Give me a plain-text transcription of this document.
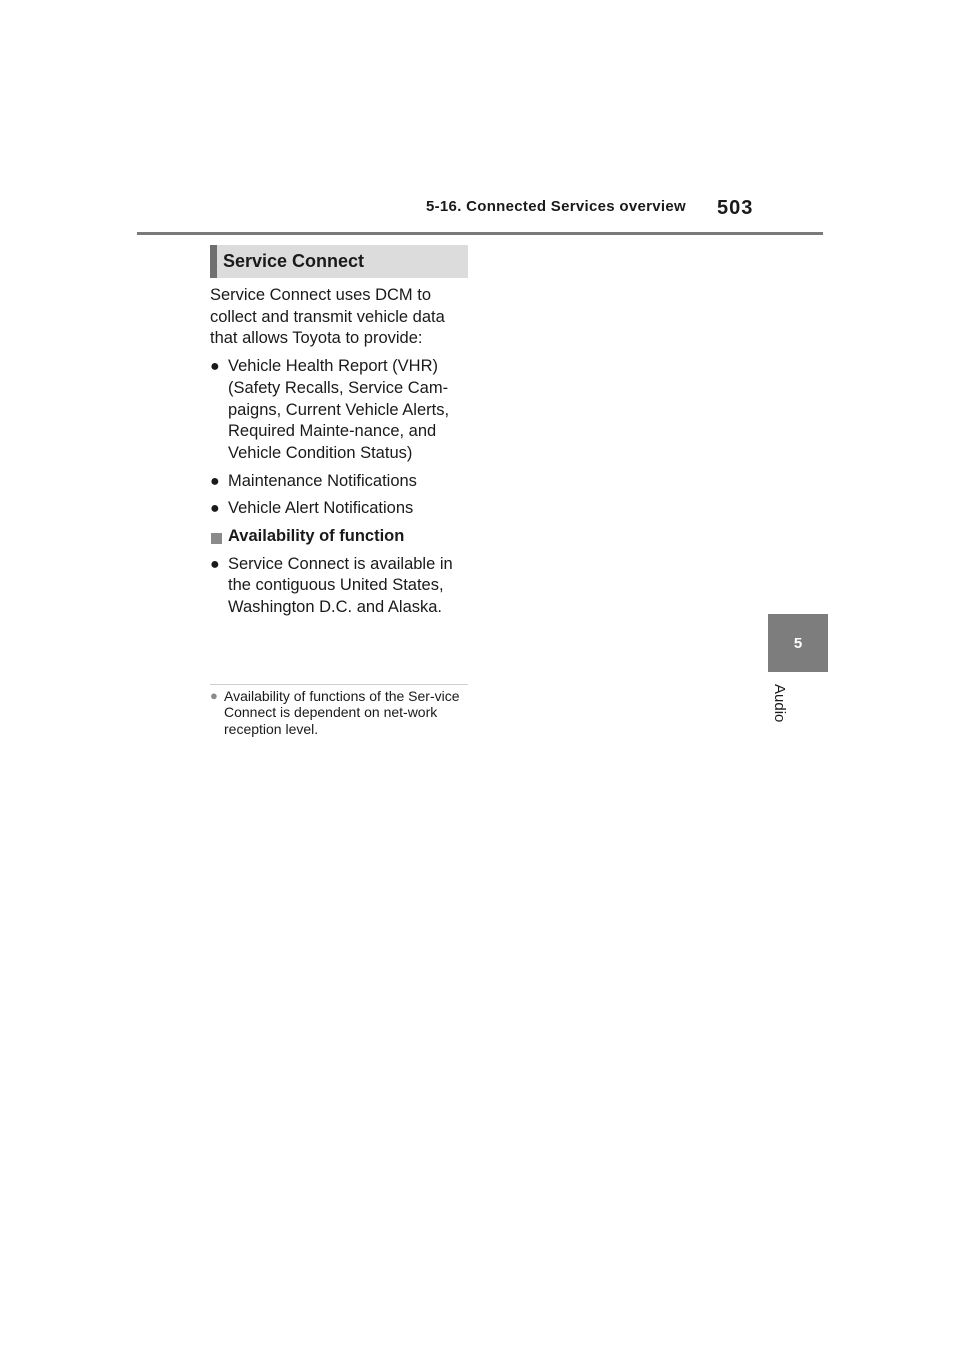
5-16. Connected Services overview 503
5
Audio
Service Connect

Service Connect uses DCM to collect and transmit vehicle data that allows Toyota to provide:

● Vehicle Health Report (VHR) (Safety Recalls, Service Cam-paigns, Current Vehicle Alerts, Required Mainte-nance, and Vehicle Condition Status)
● Maintenance Notifications
● Vehicle Alert Notifications
Availability of function
● Service Connect is available in the contiguous United States, Washington D.C. and Alaska.
● Availability of functions of the Ser-vice Connect is dependent on net-work reception level.
